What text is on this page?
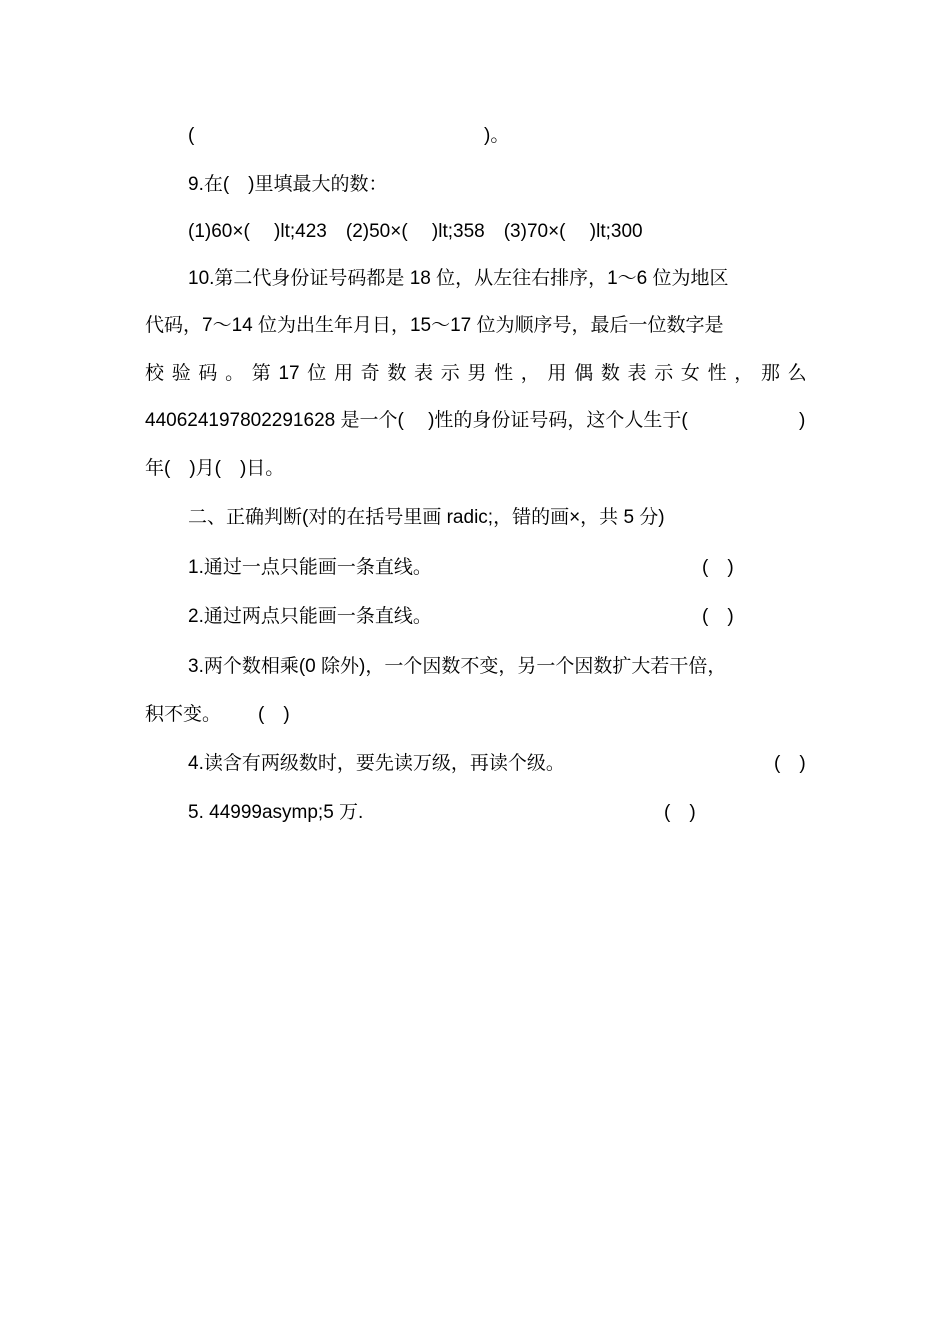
(	)。
9.在(　)里填最大的数：
(1)60×(　 )lt;423　(2)50×(　 )lt;358　(3)70×(　 )lt;300
10.第二代身份证号码都是 18 位，从左往右排序，1～6 位为地区
代码，7～14 位为出生年月日，15～17 位为顺序号，最后一位数字是
校 验 码 。 第 17 位 用 奇 数 表 示 男 性 ， 用 偶 数 表 示 女 性 ， 那 么
440624197802291628 是一个(　 )性的身份证号码，这个人生于(	)
年(　)月(　)日。
二、正确判断(对的在括号里画 radic;，错的画×，共 5 分)
1.通过一点只能画一条直线。	(　)
2.通过两点只能画一条直线。	(　)
3.两个数相乘(0 除外)，一个因数不变，另一个因数扩大若干倍，
积不变。 (　)
4.读含有两级数时，要先读万级，再读个级。	(　)
5. 44999asymp;5 万.	(　)
